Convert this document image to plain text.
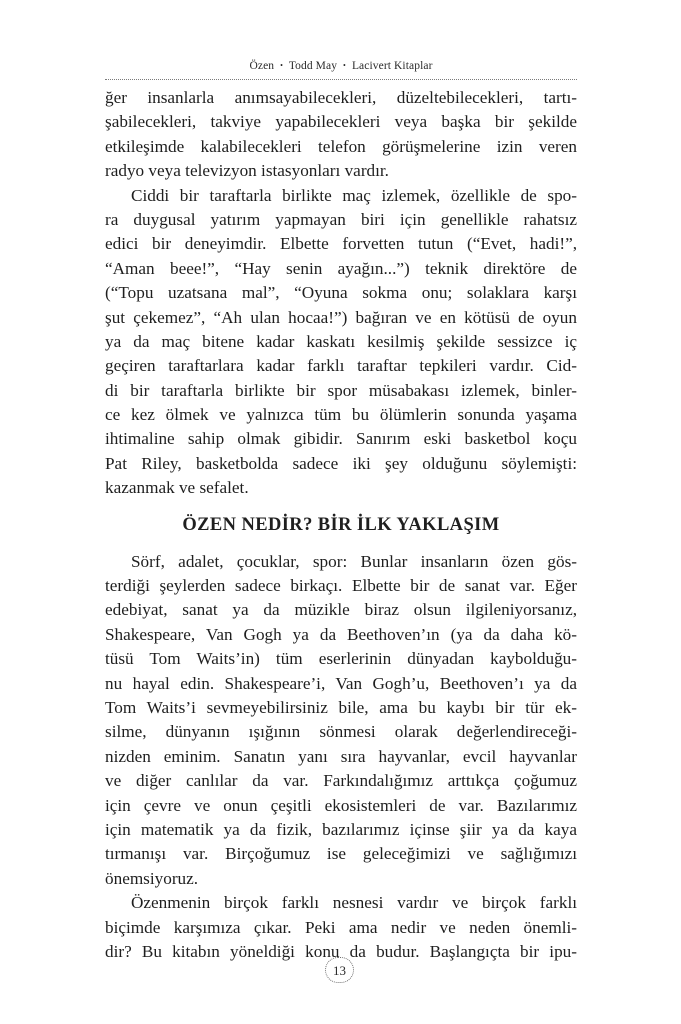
Özen • Todd May • Lacivert Kitaplar

ğer insanlarla anımsayabilecekleri, düzeltebilecekleri, tartı-

şabilecekleri, takviye yapabilecekleri veya başka bir şekilde

etkileşimde kalabilecekleri telefon görüşmelerine izin veren

radyo veya televizyon istasyonları vardır.

Ciddi bir taraftarla birlikte maç izlemek, özellikle de spo-

ra duygusal yatırım yapmayan biri için genellikle rahatsız

edici bir deneyimdir. Elbette forvetten tutun (“Evet, hadi!”,

“Aman beee!”, “Hay senin ayağın...”) teknik direktöre de

(“Topu uzatsana mal”, “Oyuna sokma onu; solaklara karşı

şut çekemez”, “Ah ulan hocaa!”) bağıran ve en kötüsü de oyun

ya da maç bitene kadar kaskatı kesilmiş şekilde sessizce iç

geçiren taraftarlara kadar farklı taraftar tepkileri vardır. Cid-

di bir taraftarla birlikte bir spor müsabakası izlemek, binler-

ce kez ölmek ve yalnızca tüm bu ölümlerin sonunda yaşama

ihtimaline sahip olmak gibidir. Sanırım eski basketbol koçu

Pat Riley, basketbolda sadece iki şey olduğunu söylemişti:

kazanmak ve sefalet.

ÖZEN NEDİR? BİR İLK YAKLAŞIM

Sörf, adalet, çocuklar, spor: Bunlar insanların özen gös-

terdiği şeylerden sadece birkaçı. Elbette bir de sanat var. Eğer

edebiyat, sanat ya da müzikle biraz olsun ilgileniyorsanız,

Shakespeare, Van Gogh ya da Beethoven’ın (ya da daha kö-

tüsü Tom Waits’in) tüm eserlerinin dünyadan kaybolduğu-

nu hayal edin. Shakespeare’i, Van Gogh’u, Beethoven’ı ya da

Tom Waits’i sevmeyebilirsiniz bile, ama bu kaybı bir tür ek-

silme, dünyanın ışığının sönmesi olarak değerlendireceği-

nizden eminim. Sanatın yanı sıra hayvanlar, evcil hayvanlar

ve diğer canlılar da var. Farkındalığımız arttıkça çoğumuz

için çevre ve onun çeşitli ekosistemleri de var. Bazılarımız

için matematik ya da fizik, bazılarımız içinse şiir ya da kaya

tırmanışı var. Birçoğumuz ise geleceğimizi ve sağlığımızı

önemsiyoruz.

Özenmenin birçok farklı nesnesi vardır ve birçok farklı

biçimde karşımıza çıkar. Peki ama nedir ve neden önemli-

dir? Bu kitabın yöneldiği konu da budur. Başlangıçta bir ipu-

13
